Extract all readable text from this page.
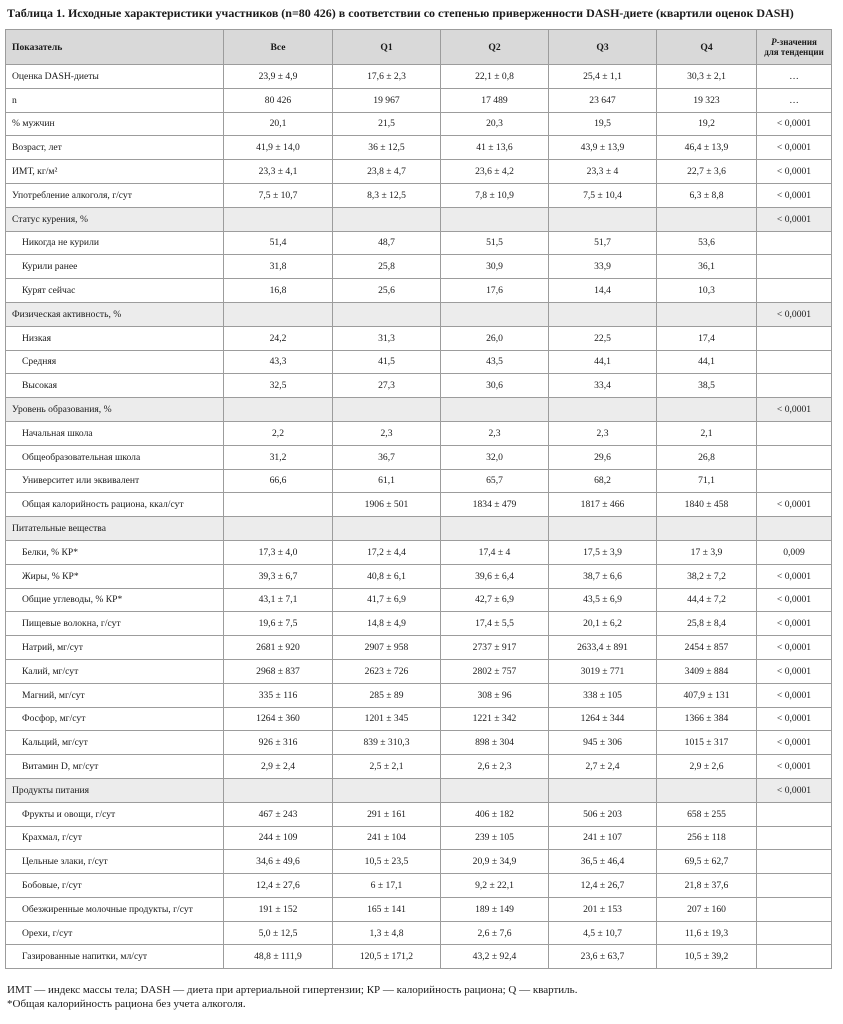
Таблица 1. Исходные характеристики участников (n=80 426) в соответствии со степенью приверженности DASH-диете (квартили оценок DASH)
Показатель	Все	Q1	Q2	Q3	Q4	P-значения
для тенденции
Оценка DASH-диеты	23,9 ± 4,9	17,6 ± 2,3	22,1 ± 0,8	25,4 ± 1,1	30,3 ± 2,1	…
n	80 426	19 967	17 489	23 647	19 323	…
% мужчин	20,1	21,5	20,3	19,5	19,2	< 0,0001
Возраст, лет	41,9 ± 14,0	36 ± 12,5	41 ± 13,6	43,9 ± 13,9	46,4 ± 13,9	< 0,0001
ИМТ, кг/м²	23,3 ± 4,1	23,8 ± 4,7	23,6 ± 4,2	23,3 ± 4	22,7 ± 3,6	< 0,0001
Употребление алкоголя, г/сут	7,5 ± 10,7	8,3 ± 12,5	7,8 ± 10,9	7,5 ± 10,4	6,3 ± 8,8	< 0,0001
Статус курения, %						< 0,0001
Никогда не курили	51,4	48,7	51,5	51,7	53,6	
Курили ранее	31,8	25,8	30,9	33,9	36,1	
Курят сейчас	16,8	25,6	17,6	14,4	10,3	
Физическая активность, %						< 0,0001
Низкая	24,2	31,3	26,0	22,5	17,4	
Средняя	43,3	41,5	43,5	44,1	44,1	
Высокая	32,5	27,3	30,6	33,4	38,5	
Уровень образования, %						< 0,0001
Начальная школа	2,2	2,3	2,3	2,3	2,1	
Общеобразовательная школа	31,2	36,7	32,0	29,6	26,8	
Университет или эквивалент	66,6	61,1	65,7	68,2	71,1	
Общая калорийность рациона, ккал/сут		1906 ± 501	1834 ± 479	1817 ± 466	1840 ± 458	< 0,0001
Питательные вещества						
Белки, % КР*	17,3 ± 4,0	17,2 ± 4,4	17,4 ± 4	17,5 ± 3,9	17 ± 3,9	0,009
Жиры, % КР*	39,3 ± 6,7	40,8 ± 6,1	39,6 ± 6,4	38,7 ± 6,6	38,2 ± 7,2	< 0,0001
Общие углеводы, % КР*	43,1 ± 7,1	41,7 ± 6,9	42,7 ± 6,9	43,5 ± 6,9	44,4 ± 7,2	< 0,0001
Пищевые волокна, г/сут	19,6 ± 7,5	14,8 ± 4,9	17,4 ± 5,5	20,1 ± 6,2	25,8 ± 8,4	< 0,0001
Натрий, мг/сут	2681 ± 920	2907 ± 958	2737 ± 917	2633,4 ± 891	2454 ± 857	< 0,0001
Калий, мг/сут	2968 ± 837	2623 ± 726	2802 ± 757	3019 ± 771	3409 ± 884	< 0,0001
Магний, мг/сут	335 ± 116	285 ± 89	308 ± 96	338 ± 105	407,9 ± 131	< 0,0001
Фосфор, мг/сут	1264 ± 360	1201 ± 345	1221 ± 342	1264 ± 344	1366 ± 384	< 0,0001
Кальций, мг/сут	926 ± 316	839 ± 310,3	898 ± 304	945 ± 306	1015 ± 317	< 0,0001
Витамин D, мг/сут	2,9 ± 2,4	2,5 ± 2,1	2,6 ± 2,3	2,7 ± 2,4	2,9 ± 2,6	< 0,0001
Продукты питания						< 0,0001
Фрукты и овощи, г/сут	467 ± 243	291 ± 161	406 ± 182	506 ± 203	658 ± 255	
Крахмал, г/сут	244 ± 109	241 ± 104	239 ± 105	241 ± 107	256 ± 118	
Цельные злаки, г/сут	34,6 ± 49,6	10,5 ± 23,5	20,9 ± 34,9	36,5 ± 46,4	69,5 ± 62,7	
Бобовые, г/сут	12,4 ± 27,6	6 ± 17,1	9,2 ± 22,1	12,4 ± 26,7	21,8 ± 37,6	
Обезжиренные молочные продукты, г/сут	191 ± 152	165 ± 141	189 ± 149	201 ± 153	207 ± 160	
Орехи, г/сут	5,0 ± 12,5	1,3 ± 4,8	2,6 ± 7,6	4,5 ± 10,7	11,6 ± 19,3	
Газированные напитки, мл/сут	48,8 ± 111,9	120,5 ± 171,2	43,2 ± 92,4	23,6 ± 63,7	10,5 ± 39,2	
ИМТ — индекс массы тела; DASH — диета при артериальной гипертензии; КР — калорийность рациона; Q — квартиль.
*Общая калорийность рациона без учета алкоголя.
